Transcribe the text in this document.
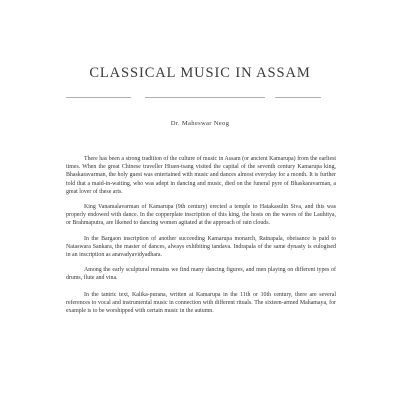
CLASSICAL MUSIC IN ASSAM
Dr. Maheswar Neog

There has been a strong tradition of the culture of music in Assam (or ancient Kamarupa) from the earliest times. When the great Chinese traveller Hiuen-tsang visited the capital of the seventh century Kamarupa king, Bhaskaravarman, the holy guest was entertained with music and dances almost everyday for a month. It is further told that a maid-in-waiting, who was adept in dancing and music, died on the funeral pyre of Bhaskaravarman, a great lover of these arts.

King Vanamalavarman of Kamarupa (9th century) erected a temple to Hatakasulin Siva, and this was properly endowed with dance. In the copperplate inscription of this king, the hosts on the waves of the Lauhitya, or Brahmaputra, are likened to dancing women agitated at the approach of rain clouds.

In the Bargaon inscription of another succeeding Kamarupa monarch, Ratnapala, obeisance is paid to Nataswara Sankara, the master of dances, always exhibiting tandava. Indrapala of the same dynasty is eulogised in an inscription as anavadyavidyadhara.

Among the early sculptural remains we find many dancing figures, and men playing on different types of drums, flute and vina.

In the tantric text, Kalika-purana, written at Kamarupa in the 11th or 10th century, there are several references to vocal and instrumental music in connection with different rituals. The sixteen-armed Mahamaya, for example is to be worshipped with certain music in the autumn.
